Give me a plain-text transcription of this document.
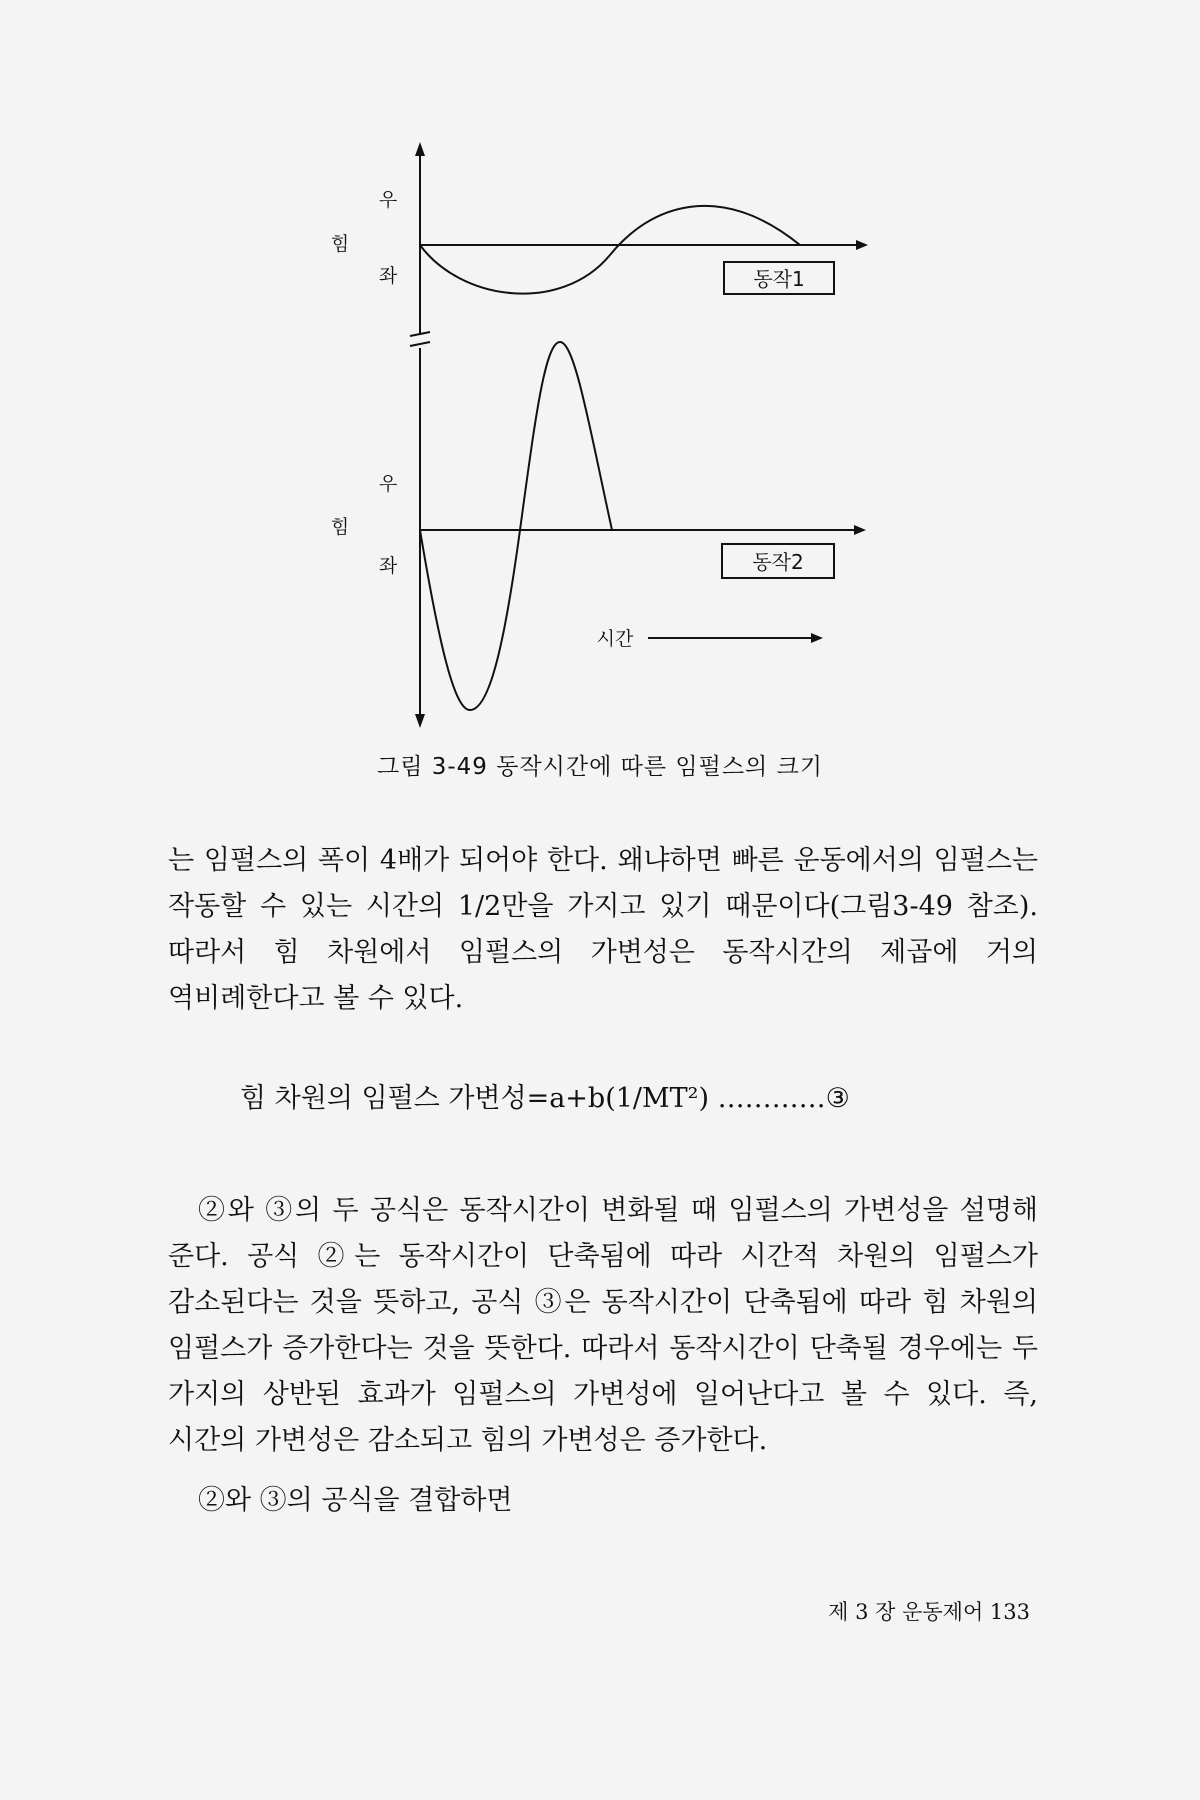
우
힘
좌	동작1
우
힘
좌	동작2
시간
그림 3-49 동작시간에 따른 임펄스의 크기

는 임펄스의 폭이 4배가 되어야 한다. 왜냐하면 빠른 운동에서의 임펄스는 작동할 수 있는 시간의 1/2만을 가지고 있기 때문이다(그림3-49 참조). 따라서 힘 차원에서 임펄스의 가변성은 동작시간의 제곱에 거의 역비례한다고 볼 수 있다.

힘 차원의 임펄스 가변성=a+b(1/MT²) …………③

②와 ③의 두 공식은 동작시간이 변화될 때 임펄스의 가변성을 설명해 준다. 공식 ②는 동작시간이 단축됨에 따라 시간적 차원의 임펄스가 감소된다는 것을 뜻하고, 공식 ③은 동작시간이 단축됨에 따라 힘 차원의 임펄스가 증가한다는 것을 뜻한다. 따라서 동작시간이 단축될 경우에는 두 가지의 상반된 효과가 임펄스의 가변성에 일어난다고 볼 수 있다. 즉, 시간의 가변성은 감소되고 힘의 가변성은 증가한다.

②와 ③의 공식을 결합하면

제 3 장 운동제어 133
